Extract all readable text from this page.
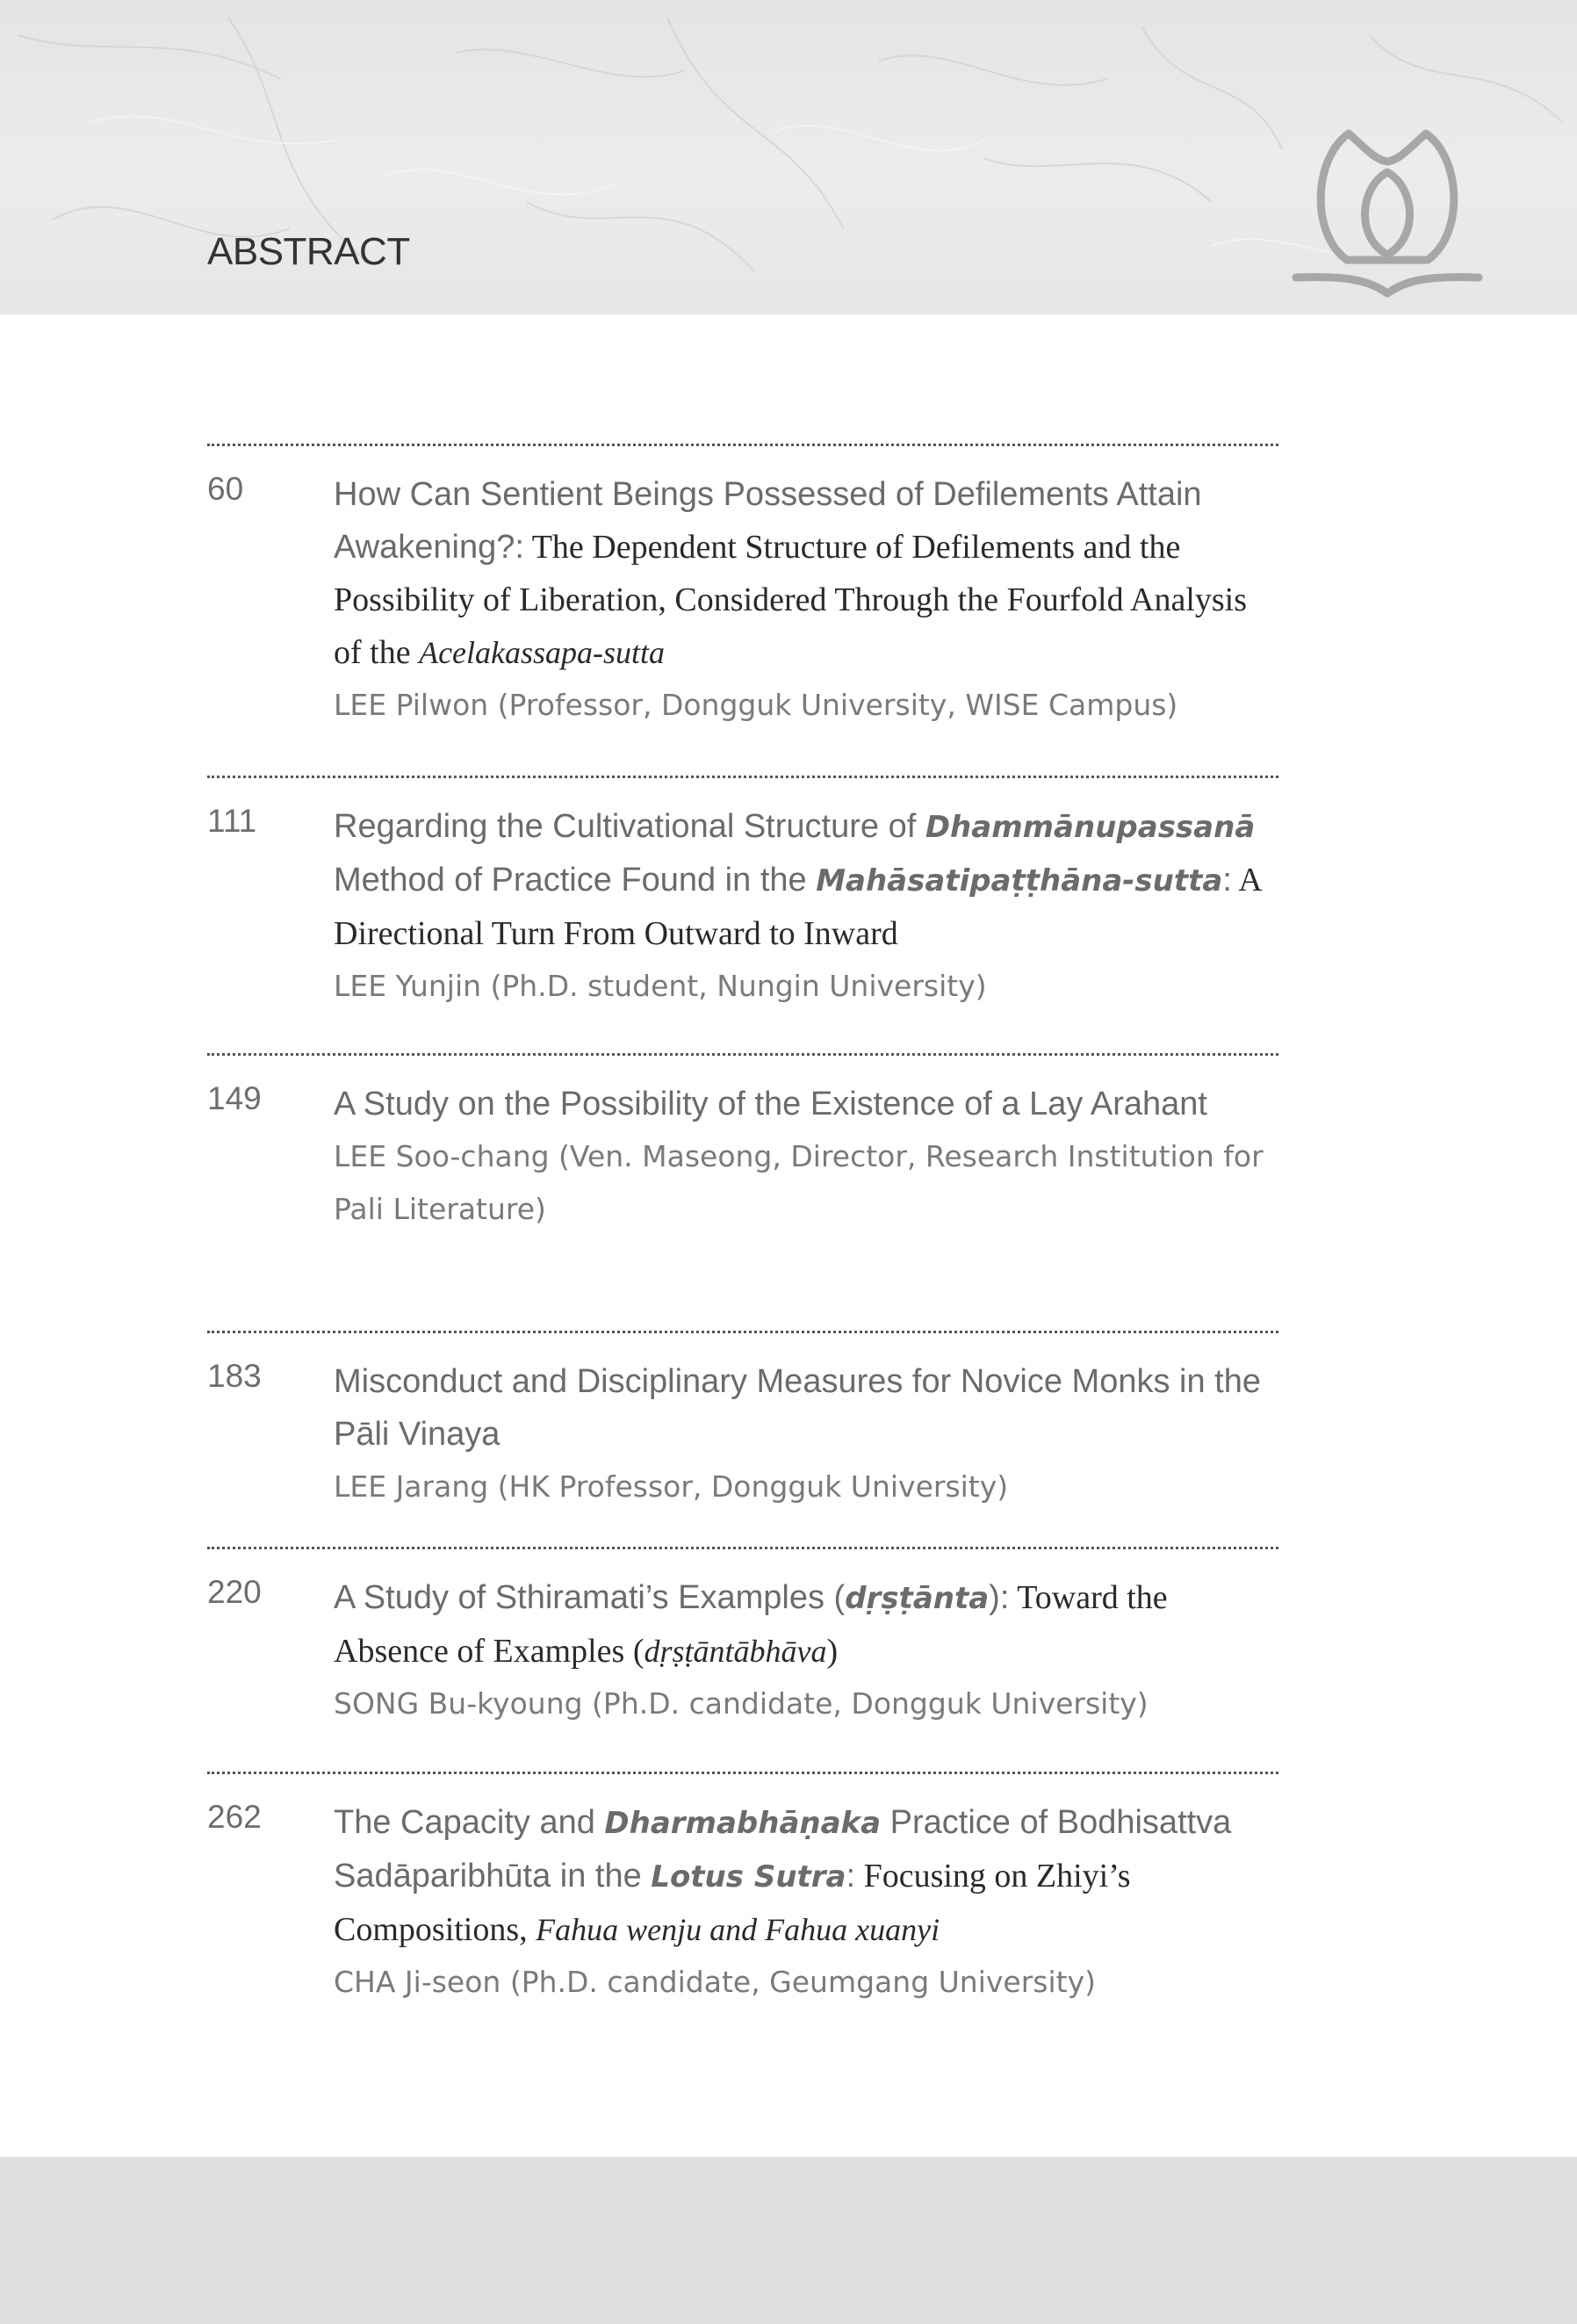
ABSTRACT
60	How Can Sentient Beings Possessed of Defilements Attain Awakening?: The Dependent Structure of Defilements and the Possibility of Liberation, Considered Through the Fourfold Analysis of the Acelakassapa-sutta
LEE Pilwon (Professor, Dongguk University, WISE Campus)
111 Regarding the Cultivational Structure of Dhammānupassanā Method of Practice Found in the Mahāsatipaṭṭhāna-sutta: A Directional Turn From Outward to Inward
LEE Yunjin (Ph.D. student, Nungin University)
149 A Study on the Possibility of the Existence of a Lay Arahant
LEE Soo-chang (Ven. Maseong, Director, Research Institution for Pali Literature)
183 Misconduct and Disciplinary Measures for Novice Monks in the Pāli Vinaya
LEE Jarang (HK Professor, Dongguk University)
220 A Study of Sthiramati’s Examples (dṛṣṭānta): Toward the Absence of Examples (dṛṣṭāntābhāva)
SONG Bu-kyoung (Ph.D. candidate, Dongguk University)
262 The Capacity and Dharmabhāṇaka Practice of Bodhisattva Sadāparibhūta in the Lotus Sutra: Focusing on Zhiyi’s Compositions, Fahua wenju and Fahua xuanyi
CHA Ji-seon (Ph.D. candidate, Geumgang University)
